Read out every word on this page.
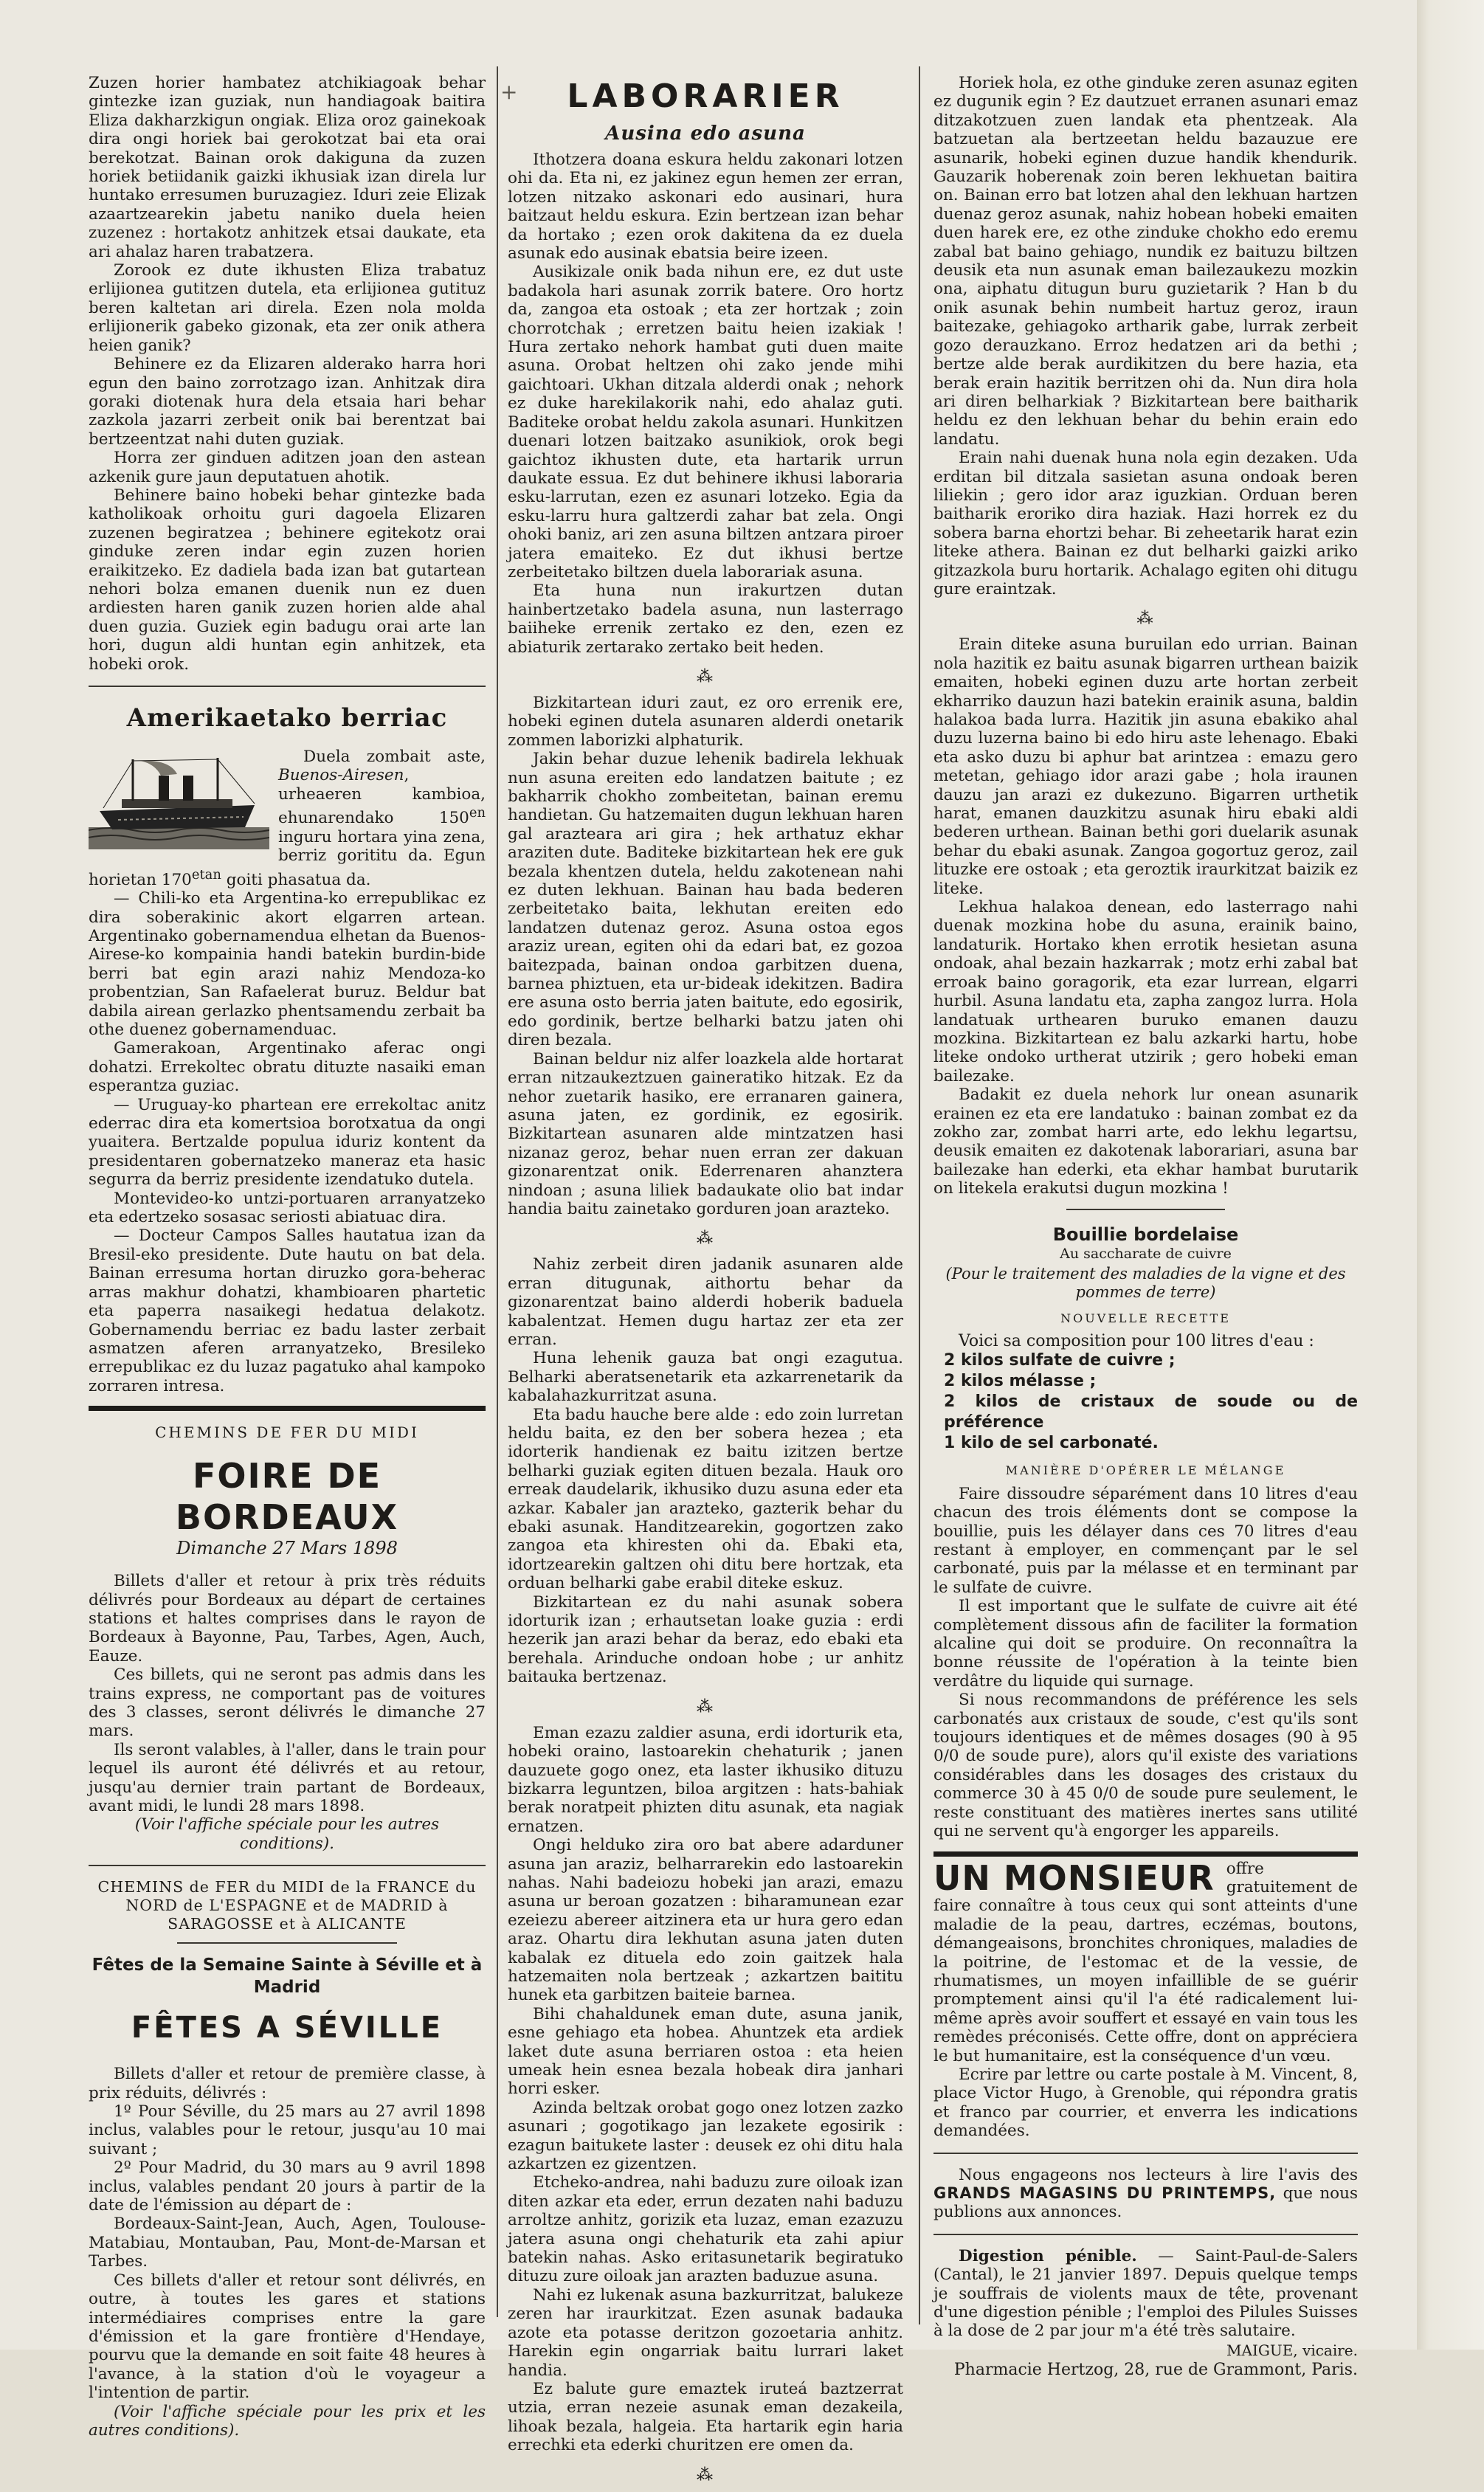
+

Zuzen horier hambatez atchikiagoak behar gintezke izan guziak, nun handiagoak baitira Eliza dakharzkigun ongiak. Eliza oroz gainekoak dira ongi horiek bai gerokotzat bai eta orai berekotzat. Bainan orok dakiguna da zuzen horiek betiidanik gaizki ikhusiak izan direla lur huntako erresumen buruzagiez. Iduri zeie Elizak azaartzearekin jabetu naniko duela heien zuzenez : hortakotz anhitzek etsai daukate, eta ari ahalaz haren trabatzera.

Zorook ez dute ikhusten Eliza trabatuz erlijionea gutitzen dutela, eta erlijionea gutituz beren kaltetan ari direla. Ezen nola molda erlijionerik gabeko gizonak, eta zer onik athera heien ganik?

Behinere ez da Elizaren alderako harra hori egun den baino zorrotzago izan. Anhitzak dira goraki diotenak hura dela etsaia hari behar zazkola jazarri zerbeit onik bai berentzat bai bertzeentzat nahi duten guziak.

Horra zer ginduen aditzen joan den astean azkenik gure jaun deputatuen ahotik.

Behinere baino hobeki behar gintezke bada katholikoak orhoitu guri dagoela Elizaren zuzenen begiratzea ; behinere egitekotz orai ginduke zeren indar egin zuzen horien eraikitzeko. Ez dadiela bada izan bat gutartean nehori bolza emanen duenik nun ez duen ardiesten haren ganik zuzen horien alde ahal duen guzia. Guziek egin badugu orai arte lan hori, dugun aldi huntan egin anhitzek, eta hobeki orok.

Amerikaetako berriac

Duela zombait aste, Buenos-Airesen, urheaeren kambioa, ehunarendako $150^{en}$ inguru hortara yina zena, berriz gorititu da. Egun horietan $170^{etan}$ goiti phasatua da.

— Chili-ko eta Argentina-ko errepublikac ez dira soberakinic akort elgarren artean. Argentinako gobernamendua elhetan da Buenos-Airese-ko kompainia handi batekin burdin-bide berri bat egin arazi nahiz Mendoza-ko probentzian, San Rafaelerat buruz. Beldur bat dabila airean gerlazko phentsamendu zerbait ba othe duenez gobernamenduac.

Gamerakoan, Argentinako aferac ongi dohatzi. Errekoltec obratu dituzte nasaiki eman esperantza guziac.

— Uruguay-ko phartean ere errekoltac anitz ederrac dira eta komertsioa borotxatua da ongi yuaitera. Bertzalde populua iduriz kontent da presidentaren gobernatzeko maneraz eta hasic segurra da berriz presidente izendatuko dutela.

Montevideo-ko untzi-portuaren arranyatzeko eta edertzeko sosasac seriosti abiatuac dira.

— Docteur Campos Salles hautatua izan da Bresil-eko presidente. Dute hautu on bat dela. Bainan erresuma hortan diruzko gora-beherac arras makhur dohatzi, khambioaren phartetic eta paperra nasaikegi hedatua delakotz. Gobernamendu berriac ez badu laster zerbait asmatzen aferen arranyatzeko, Bresileko errepublikac ez du luzaz pagatuko ahal kampoko zorraren intresa.

CHEMINS DE FER DU MIDI
FOIRE DE BORDEAUX
Dimanche 27 Mars 1898

Billets d'aller et retour à prix très réduits délivrés pour Bordeaux au départ de certaines stations et haltes comprises dans le rayon de Bordeaux à Bayonne, Pau, Tarbes, Agen, Auch, Eauze.

Ces billets, qui ne seront pas admis dans les trains express, ne comportant pas de voitures des 3 classes, seront délivrés le dimanche 27 mars.

Ils seront valables, à l'aller, dans le train pour lequel ils auront été délivrés et au retour, jusqu'au dernier train partant de Bordeaux, avant midi, le lundi 28 mars 1898.

(Voir l'affiche spéciale pour les autres conditions).

CHEMINS de FER du MIDI de la FRANCE du NORD de L'ESPAGNE et de MADRID à SARAGOSSE et à ALICANTE
Fêtes de la Semaine Sainte à Séville et à Madrid
FÊTES A SÉVILLE

Billets d'aller et retour de première classe, à prix réduits, délivrés :

1º Pour Séville, du 25 mars au 27 avril 1898 inclus, valables pour le retour, jusqu'au 10 mai suivant ;

2º Pour Madrid, du 30 mars au 9 avril 1898 inclus, valables pendant 20 jours à partir de la date de l'émission au départ de :

Bordeaux-Saint-Jean, Auch, Agen, Toulouse-Matabiau, Montauban, Pau, Mont-de-Marsan et Tarbes.

Ces billets d'aller et retour sont délivrés, en outre, à toutes les gares et stations intermédiaires comprises entre la gare d'émission et la gare frontière d'Hendaye, pourvu que la demande en soit faite 48 heures à l'avance, à la station d'où le voyageur a l'intention de partir.

(Voir l'affiche spéciale pour les prix et les autres conditions).

LABORARIER
Ausina edo asuna

Ithotzera doana eskura heldu zakonari lotzen ohi da. Eta ni, ez jakinez egun hemen zer erran, lotzen nitzako askonari edo ausinari, hura baitzaut heldu eskura. Ezin bertzean izan behar da hortako ; ezen orok dakitena da ez duela asunak edo ausinak ebatsia beire izeen.

Ausikizale onik bada nihun ere, ez dut uste badakola hari asunak zorrik batere. Oro hortz da, zangoa eta ostoak ; eta zer hortzak ; zoin chorrotchak ; erretzen baitu heien izakiak ! Hura zertako nehork hambat guti duen maite asuna. Orobat heltzen ohi zako jende mihi gaichtoari. Ukhan ditzala alderdi onak ; nehork ez duke harekilakorik nahi, edo ahalaz guti. Baditeke orobat heldu zakola asunari. Hunkitzen duenari lotzen baitzako asunikiok, orok begi gaichtoz ikhusten dute, eta hartarik urrun daukate essua. Ez dut behinere ikhusi laboraria esku-larrutan, ezen ez asunari lotzeko. Egia da esku-larru hura galtzerdi zahar bat zela. Ongi ohoki baniz, ari zen asuna biltzen antzara piroer jatera emaiteko. Ez dut ikhusi bertze zerbeitetako biltzen duela laborariak asuna.

Eta huna nun irakurtzen dutan hainbertzetako badela asuna, nun lasterrago baiiheke errenik zertako ez den, ezen ez abiaturik zertarako zertako beit heden.

⁂

Bizkitartean iduri zaut, ez oro errenik ere, hobeki eginen dutela asunaren alderdi onetarik zommen laborizki alphaturik.

Jakin behar duzue lehenik badirela lekhuak nun asuna ereiten edo landatzen baitute ; ez bakharrik chokho zombeitetan, bainan eremu handietan. Gu hatzemaiten dugun lekhuan haren gal arazteara ari gira ; hek arthatuz ekhar araziten dute. Baditeke bizkitartean hek ere guk bezala khentzen dutela, heldu zakotenean nahi ez duten lekhuan. Bainan hau bada bederen zerbeitetako baita, lekhutan ereiten edo landatzen dutenaz geroz. Asuna ostoa egos araziz urean, egiten ohi da edari bat, ez gozoa baitezpada, bainan ondoa garbitzen duena, barnea phiztuen, eta ur-bideak idekitzen. Badira ere asuna osto berria jaten baitute, edo egosirik, edo gordinik, bertze belharki batzu jaten ohi diren bezala.

Bainan beldur niz alfer loazkela alde hortarat erran nitzaukeztzuen gaineratiko hitzak. Ez da nehor zuetarik hasiko, ere erranaren gainera, asuna jaten, ez gordinik, ez egosirik. Bizkitartean asunaren alde mintzatzen hasi nizanaz geroz, behar nuen erran zer dakuan gizonarentzat onik. Ederrenaren ahanztera nindoan ; asuna liliek badaukate olio bat indar handia baitu zainetako gorduren joan arazteko.

⁂

Nahiz zerbeit diren jadanik asunaren alde erran ditugunak, aithortu behar da gizonarentzat baino alderdi hoberik baduela kabalentzat. Hemen dugu hartaz zer eta zer erran.

Huna lehenik gauza bat ongi ezagutua. Belharki aberatsenetarik eta azkarrenetarik da kabalahazkurritzat asuna.

Eta badu hauche bere alde : edo zoin lurretan heldu baita, ez den ber sobera hezea ; eta idorterik handienak ez baitu izitzen bertze belharki guziak egiten dituen bezala. Hauk oro erreak daudelarik, ikhusiko duzu asuna eder eta azkar. Kabaler jan arazteko, gazterik behar du ebaki asunak. Handitzearekin, gogortzen zako zangoa eta khiresten ohi da. Ebaki eta, idortzearekin galtzen ohi ditu bere hortzak, eta orduan belharki gabe erabil diteke eskuz.

Bizkitartean ez du nahi asunak sobera idorturik izan ; erhautsetan loake guzia : erdi hezerik jan arazi behar da beraz, edo ebaki eta berehala. Arinduche ondoan hobe ; ur anhitz baitauka bertzenaz.

⁂

Eman ezazu zaldier asuna, erdi idorturik eta, hobeki oraino, lastoarekin chehaturik ; janen dauzuete gogo onez, eta laster ikhusiko dituzu bizkarra leguntzen, biloa argitzen : hats-bahiak berak noratpeit phizten ditu asunak, eta nagiak ernatzen.

Ongi helduko zira oro bat abere adarduner asuna jan araziz, belharrarekin edo lastoarekin nahas. Nahi badeiozu hobeki jan arazi, emazu asuna ur beroan gozatzen : biharamunean ezar ezeiezu abereer aitzinera eta ur hura gero edan araz. Ohartu dira lekhutan asuna jaten duten kabalak ez dituela edo zoin gaitzek hala hatzemaiten nola bertzeak ; azkartzen baititu hunek eta garbitzen baiteie barnea.

Bihi chahaldunek eman dute, asuna janik, esne gehiago eta hobea. Ahuntzek eta ardiek laket dute asuna berriaren ostoa : eta heien umeak hein esnea bezala hobeak dira janhari horri esker.

Azinda beltzak orobat gogo onez lotzen zazko asunari ; gogotikago jan lezakete egosirik : ezagun baitukete laster : deusek ez ohi ditu hala azkartzen ez gizentzen.

Etcheko-andrea, nahi baduzu zure oiloak izan diten azkar eta eder, errun dezaten nahi baduzu arroltze anhitz, gorizik eta luzaz, eman ezazuzu jatera asuna ongi chehaturik eta zahi apiur batekin nahas. Asko eritasunetarik begiratuko dituzu zure oiloak jan arazten baduzue asuna.

Nahi ez lukenak asuna bazkurritzat, balukeze zeren har iraurkitzat. Ezen asunak badauka azote eta potasse deritzon gozoetaria anhitz. Harekin egin ongarriak baitu lurrari laket handia.

Ez balute gure emaztek iruteá baztzerrat utzia, erran nezeie asunak eman dezakeila, lihoak bezala, halgeia. Eta hartarik egin haria errechki eta ederki churitzen ere omen da.

⁂

Horiek hola, ez othe ginduke zeren asunaz egiten ez dugunik egin ? Ez dautzuet erranen asunari emaz ditzakotzuen zuen landak eta phentzeak. Ala batzuetan ala bertzeetan heldu bazauzue ere asunarik, hobeki eginen duzue handik khendurik. Gauzarik hoberenak zoin beren lekhuetan baitira on. Bainan erro bat lotzen ahal den lekhuan hartzen duenaz geroz asunak, nahiz hobean hobeki emaiten duen harek ere, ez othe zinduke chokho edo eremu zabal bat baino gehiago, nundik ez baituzu biltzen deusik eta nun asunak eman bailezaukezu mozkin ona, aiphatu ditugun buru guzietarik ? Han b du onik asunak behin numbeit hartuz geroz, iraun baitezake, gehiagoko artharik gabe, lurrak zerbeit gozo derauzkano. Erroz hedatzen ari da bethi ; bertze alde berak aurdikitzen du bere hazia, eta berak erain hazitik berritzen ohi da. Nun dira hola ari diren belharkiak ? Bizkitartean bere baitharik heldu ez den lekhuan behar du behin erain edo landatu.

Erain nahi duenak huna nola egin dezaken. Uda erditan bil ditzala sasietan asuna ondoak beren liliekin ; gero idor araz iguzkian. Orduan beren baitharik eroriko dira haziak. Hazi horrek ez du sobera barna ehortzi behar. Bi zeheetarik harat ezin liteke athera. Bainan ez dut belharki gaizki ariko gitzazkola buru hortarik. Achalago egiten ohi ditugu gure eraintzak.

⁂

Erain diteke asuna buruilan edo urrian. Bainan nola hazitik ez baitu asunak bigarren urthean baizik emaiten, hobeki eginen duzu arte hortan zerbeit ekharriko dauzun hazi batekin erainik asuna, baldin halakoa bada lurra. Hazitik jin asuna ebakiko ahal duzu luzerna baino bi edo hiru aste lehenago. Ebaki eta asko duzu bi aphur bat arintzea : emazu gero metetan, gehiago idor arazi gabe ; hola iraunen dauzu jan arazi ez dukezuno. Bigarren urthetik harat, emanen dauzkitzu asunak hiru ebaki aldi bederen urthean. Bainan bethi gori duelarik asunak behar du ebaki asunak. Zangoa gogortuz geroz, zail lituzke ere ostoak ; eta geroztik iraurkitzat baizik ez liteke.

Lekhua halakoa denean, edo lasterrago nahi duenak mozkina hobe du asuna, erainik baino, landaturik. Hortako khen errotik hesietan asuna ondoak, ahal bezain hazkarrak ; motz erhi zabal bat erroak baino goragorik, eta ezar lurrean, elgarri hurbil. Asuna landatu eta, zapha zangoz lurra. Hola landatuak urthearen buruko emanen dauzu mozkina. Bizkitartean ez balu azkarki hartu, hobe liteke ondoko urtherat utzirik ; gero hobeki eman bailezake.

Badakit ez duela nehork lur onean asunarik erainen ez eta ere landatuko : bainan zombat ez da zokho zar, zombat harri arte, edo lekhu legartsu, deusik emaiten ez dakotenak laborariari, asuna bar bailezake han ederki, eta ekhar hambat burutarik on litekela erakutsi dugun mozkina !

Bouillie bordelaise
Au saccharate de cuivre
(Pour le traitement des maladies de la vigne et des pommes de terre)
NOUVELLE RECETTE

Voici sa composition pour 100 litres d'eau :

2 kilos sulfate de cuivre ;
2 kilos mélasse ;
2 kilos de cristaux de soude ou de préférence
1 kilo de sel carbonaté.
MANIÈRE D'OPÉRER LE MÉLANGE

Faire dissoudre séparément dans 10 litres d'eau chacun des trois éléments dont se compose la bouillie, puis les délayer dans ces 70 litres d'eau restant à employer, en commençant par le sel carbonaté, puis par la mélasse et en terminant par le sulfate de cuivre.

Il est important que le sulfate de cuivre ait été complètement dissous afin de faciliter la formation alcaline qui doit se produire. On reconnaîtra la bonne réussite de l'opération à la teinte bien verdâtre du liquide qui surnage.

Si nous recommandons de préférence les sels carbonatés aux cristaux de soude, c'est qu'ils sont toujours identiques et de mêmes dosages (90 à 95 0/0 de soude pure), alors qu'il existe des variations considérables dans les dosages des cristaux du commerce 30 à 45 0/0 de soude pure seulement, le reste constituant des matières inertes sans utilité qui ne servent qu'à engorger les appareils.

UN MONSIEUR offre gratuitement de faire connaître à tous ceux qui sont atteints d'une maladie de la peau, dartres, eczémas, boutons, démangeaisons, bronchites chroniques, maladies de la poitrine, de l'estomac et de la vessie, de rhumatismes, un moyen infaillible de se guérir promptement ainsi qu'il l'a été radicalement lui-même après avoir souffert et essayé en vain tous les remèdes préconisés. Cette offre, dont on appréciera le but humanitaire, est la conséquence d'un vœu.

Ecrire par lettre ou carte postale à M. Vincent, 8, place Victor Hugo, à Grenoble, qui répondra gratis et franco par courrier, et enverra les indications demandées.

Nous engageons nos lecteurs à lire l'avis des GRANDS MAGASINS DU PRINTEMPS, que nous publions aux annonces.

Digestion pénible. — Saint-Paul-de-Salers (Cantal), le 21 janvier 1897. Depuis quelque temps je souffrais de violents maux de tête, provenant d'une digestion pénible ; l'emploi des Pilules Suisses à la dose de 2 par jour m'a été très salutaire.

MAIGUE, vicaire.
Pharmacie Hertzog, 28, rue de Grammont, Paris.
